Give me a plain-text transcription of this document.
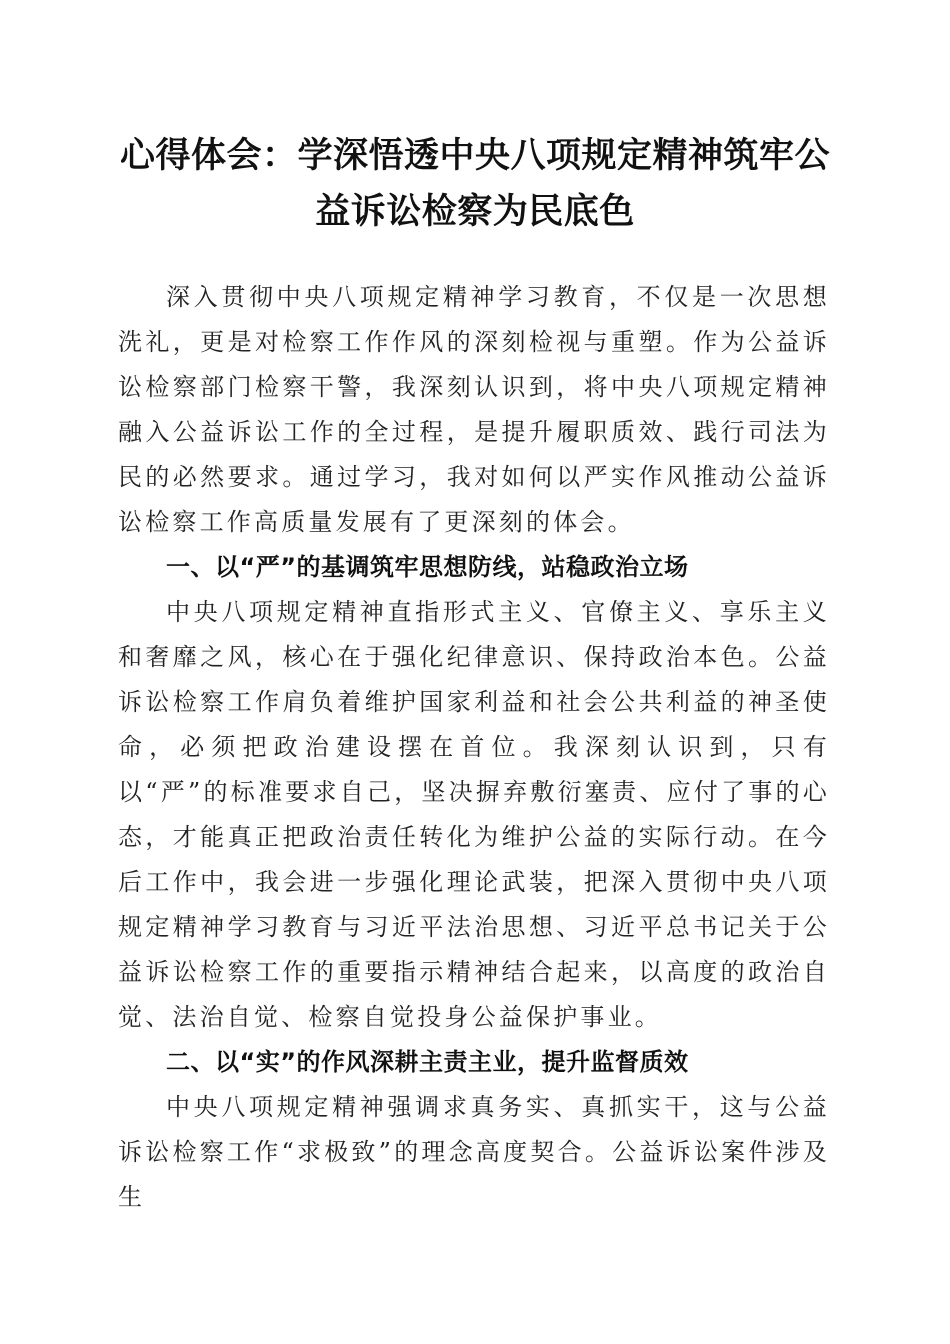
心得体会：学深悟透中央八项规定精神筑牢公
益诉讼检察为民底色

深入贯彻中央八项规定精神学习教育，不仅是一次思想洗礼，更是对检察工作作风的深刻检视与重塑。作为公益诉讼检察部门检察干警，我深刻认识到，将中央八项规定精神融入公益诉讼工作的全过程，是提升履职质效、践行司法为民的必然要求。通过学习，我对如何以严实作风推动公益诉讼检察工作高质量发展有了更深刻的体会。

一、以“严”的基调筑牢思想防线，站稳政治立场

中央八项规定精神直指形式主义、官僚主义、享乐主义和奢靡之风，核心在于强化纪律意识、保持政治本色。公益诉讼检察工作肩负着维护国家利益和社会公共利益的神圣使命，必须把政治建设摆在首位。我深刻认识到，只有以“严”的标准要求自己，坚决摒弃敷衍塞责、应付了事的心态，才能真正把政治责任转化为维护公益的实际行动。在今后工作中，我会进一步强化理论武装，把深入贯彻中央八项规定精神学习教育与习近平法治思想、习近平总书记关于公益诉讼检察工作的重要指示精神结合起来，以高度的政治自觉、法治自觉、检察自觉投身公益保护事业。

二、以“实”的作风深耕主责主业，提升监督质效

中央八项规定精神强调求真务实、真抓实干，这与公益诉讼检察工作“求极致”的理念高度契合。公益诉讼案件涉及生
